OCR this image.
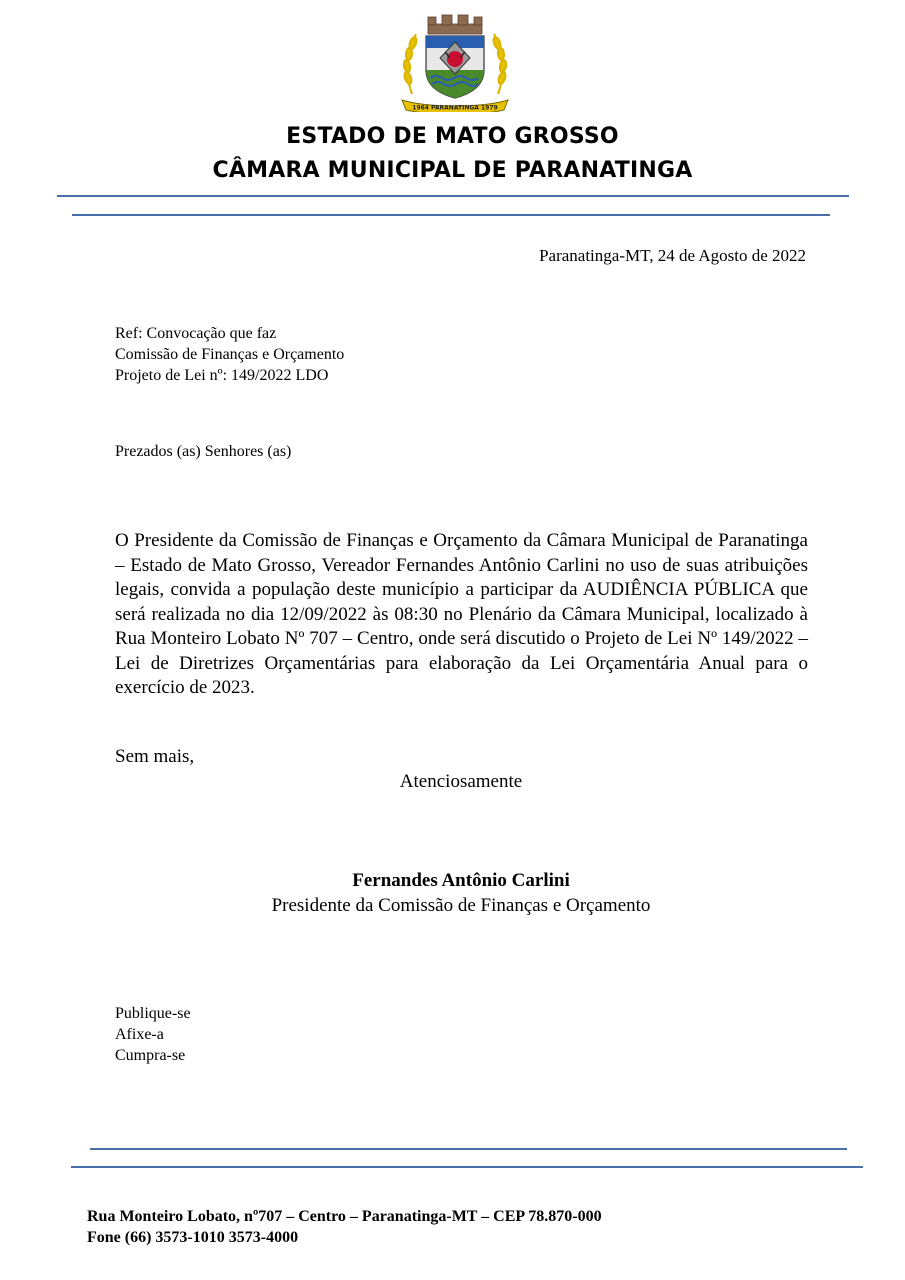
1964 PARANATINGA 1979
ESTADO DE MATO GROSSO
CÂMARA MUNICIPAL DE PARANATINGA
Paranatinga-MT, 24 de Agosto de 2022
Ref: Convocação que faz
Comissão de Finanças e Orçamento
Projeto de Lei nº: 149/2022 LDO
Prezados (as) Senhores (as)
O Presidente da Comissão de Finanças e Orçamento da Câmara Municipal de Paranatinga – Estado de Mato Grosso, Vereador Fernandes Antônio Carlini no uso de suas atribuições legais, convida a população deste município a participar da AUDIÊNCIA PÚBLICA que será realizada no dia 12/09/2022 às 08:30 no Plenário da Câmara Municipal, localizado à Rua Monteiro Lobato Nº 707 – Centro, onde será discutido o Projeto de Lei Nº 149/2022 – Lei de Diretrizes Orçamentárias para elaboração da Lei Orçamentária Anual para o exercício de 2023.
Sem mais,
Atenciosamente
Fernandes Antônio Carlini
Presidente da Comissão de Finanças e Orçamento
Publique-se
Afixe-a
Cumpra-se
Rua Monteiro Lobato, nº707 – Centro – Paranatinga-MT – CEP 78.870-000
Fone (66) 3573-1010 3573-4000
